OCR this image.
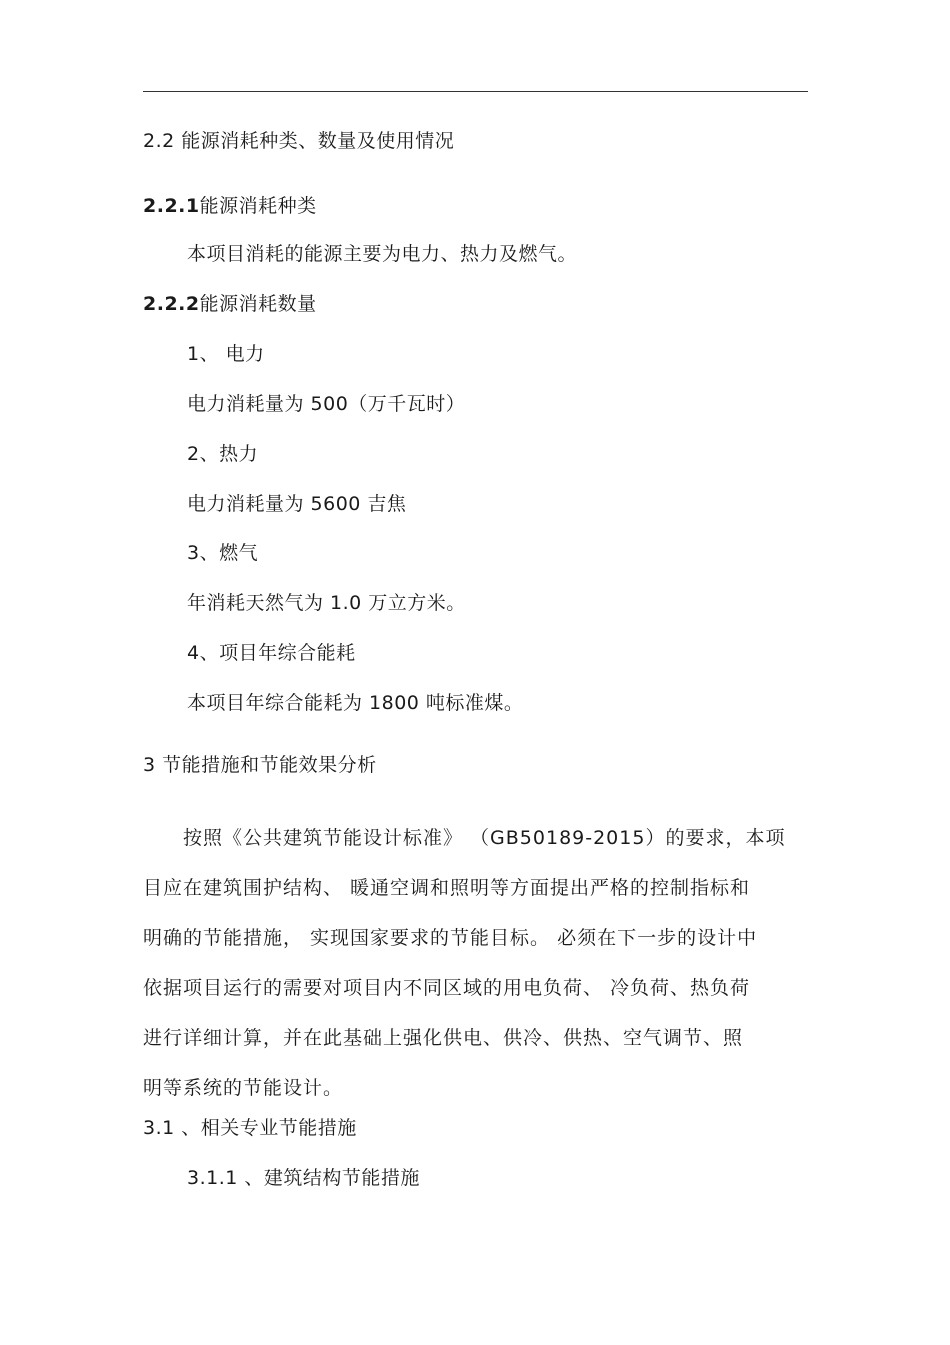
2.2 能源消耗种类、数量及使用情况
2.2.1能源消耗种类
本项目消耗的能源主要为电力、热力及燃气。
2.2.2能源消耗数量
1、 电力
电力消耗量为 500（万千瓦时）
2、热力
电力消耗量为 5600 吉焦
3、燃气
年消耗天然气为 1.0 万立方米。
4、项目年综合能耗
本项目年综合能耗为 1800 吨标准煤。
3 节能措施和节能效果分析
　　按照《公共建筑节能设计标准》 （GB50189-2015）的要求，本项
目应在建筑围护结构、 暖通空调和照明等方面提出严格的控制指标和
明确的节能措施， 实现国家要求的节能目标。 必须在下一步的设计中
依据项目运行的需要对项目内不同区域的用电负荷、 冷负荷、热负荷
进行详细计算，并在此基础上强化供电、供冷、供热、空气调节、照
明等系统的节能设计。
3.1 、相关专业节能措施
3.1.1 、建筑结构节能措施
